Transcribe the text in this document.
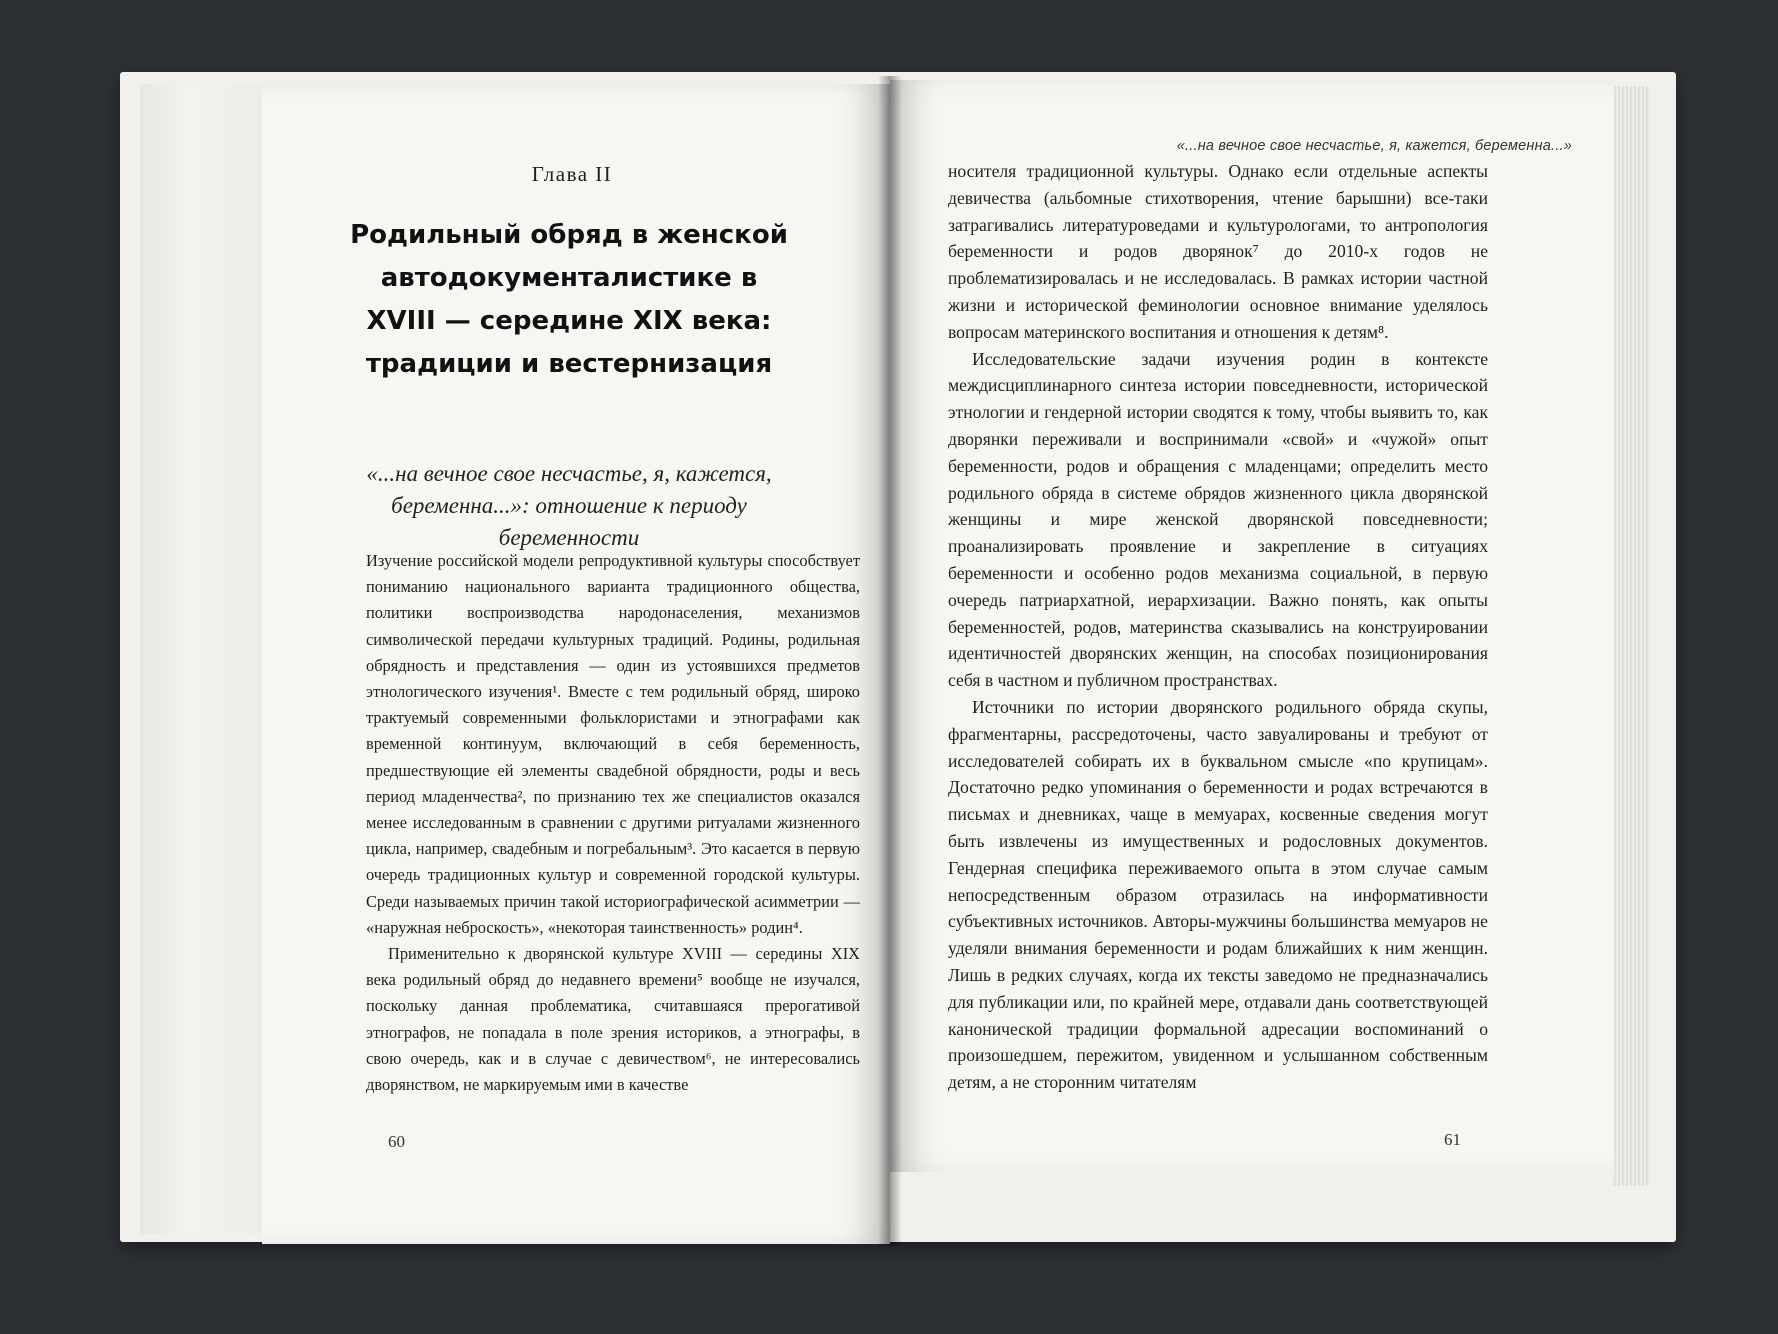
Глава II
Родильный обряд в женской автодокументалистике в XVIII — середине XIX века: традиции и вестернизация
«...на вечное свое несчастье, я, кажется, беременна...»: отношение к периоду беременности

Изучение российской модели репродуктивной культуры способствует пониманию национального варианта традиционного общества, политики воспроизводства народонаселения, механизмов символической передачи культурных традиций. Родины, родильная обрядность и представления — один из устоявшихся предметов этнологического изучения¹. Вместе с тем родильный обряд, широко трактуемый современными фольклористами и этнографами как временной континуум, включающий в себя беременность, предшествующие ей элементы свадебной обрядности, роды и весь период младенчества², по признанию тех же специалистов оказался менее исследованным в сравнении с другими ритуалами жизненного цикла, например, свадебным и погребальным³. Это касается в первую очередь традиционных культур и современной городской культуры. Среди называемых причин такой историографической асимметрии — «наружная неброскость», «некоторая таинственность» родин⁴.

Применительно к дворянской культуре XVIII — середины XIX века родильный обряд до недавнего времени⁵ вообще не изучался, поскольку данная проблематика, считавшаяся прерогативой этнографов, не попадала в поле зрения историков, а этнографы, в свою очередь, как и в случае с девичеством⁶, не интересовались дворянством, не маркируемым ими в качестве

60
«...на вечное свое несчастье, я, кажется, беременна...»

носителя традиционной культуры. Однако если отдельные аспекты девичества (альбомные стихотворения, чтение барышни) все-таки затрагивались литературоведами и культурологами, то антропология беременности и родов дворянок⁷ до 2010-х годов не проблематизировалась и не исследовалась. В рамках истории частной жизни и исторической феминологии основное внимание уделялось вопросам материнского воспитания и отношения к детям⁸.

Исследовательские задачи изучения родин в контексте междисциплинарного синтеза истории повседневности, исторической этнологии и гендерной истории сводятся к тому, чтобы выявить то, как дворянки переживали и воспринимали «свой» и «чужой» опыт беременности, родов и обращения с младенцами; определить место родильного обряда в системе обрядов жизненного цикла дворянской женщины и мире женской дворянской повседневности; проанализировать проявление и закрепление в ситуациях беременности и особенно родов механизма социальной, в первую очередь патриархатной, иерархизации. Важно понять, как опыты беременностей, родов, материнства сказывались на конструировании идентичностей дворянских женщин, на способах позиционирования себя в частном и публичном пространствах.

Источники по истории дворянского родильного обряда скупы, фрагментарны, рассредоточены, часто завуалированы и требуют от исследователей собирать их в буквальном смысле «по крупицам». Достаточно редко упоминания о беременности и родах встречаются в письмах и дневниках, чаще в мемуарах, косвенные сведения могут быть извлечены из имущественных и родословных документов. Гендерная специфика переживаемого опыта в этом случае самым непосредственным образом отразилась на информативности субъективных источников. Авторы-мужчины большинства мемуаров не уделяли внимания беременности и родам ближайших к ним женщин. Лишь в редких случаях, когда их тексты заведомо не предназначались для публикации или, по крайней мере, отдавали дань соответствующей канонической традиции формальной адресации воспоминаний о произошедшем, пережитом, увиденном и услышанном собственным детям, а не сторонним читателям

61
